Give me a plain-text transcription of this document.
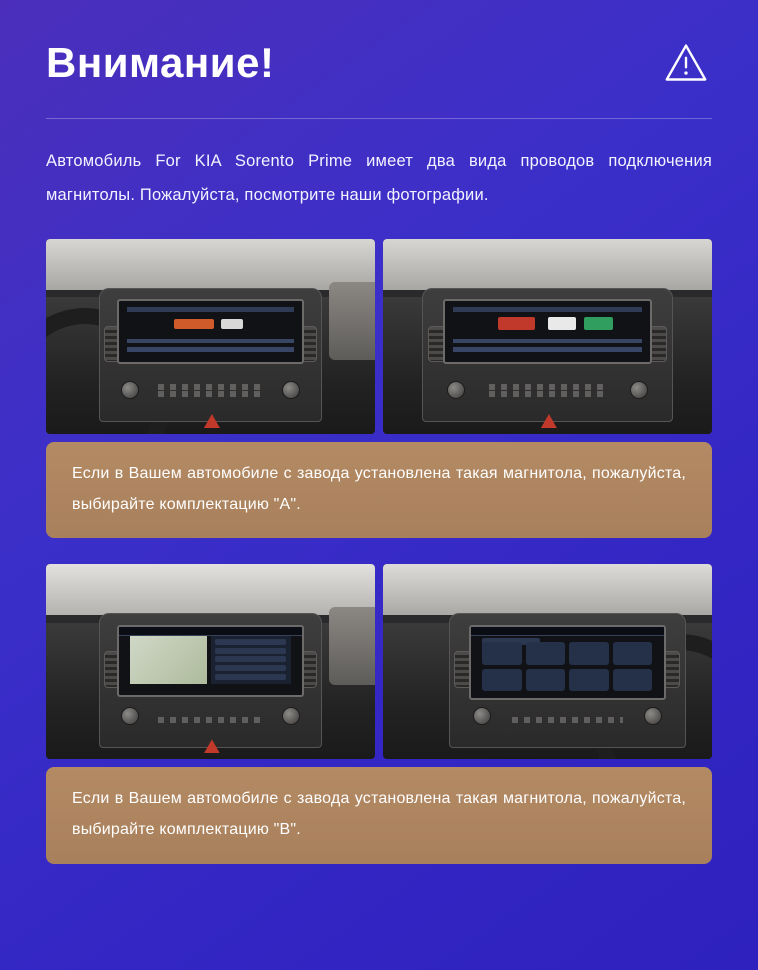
Внимание!
Автомобиль For KIA Sorento Prime имеет два вида проводов подключения магнитолы. Пожалуйста, посмотрите наши фотографии.
Если в Вашем автомобиле с завода установлена такая магнитола, пожалуйста, выбирайте комплектацию "A".
Если в Вашем автомобиле с завода установлена такая магнитола, пожалуйста, выбирайте комплектацию "B".
